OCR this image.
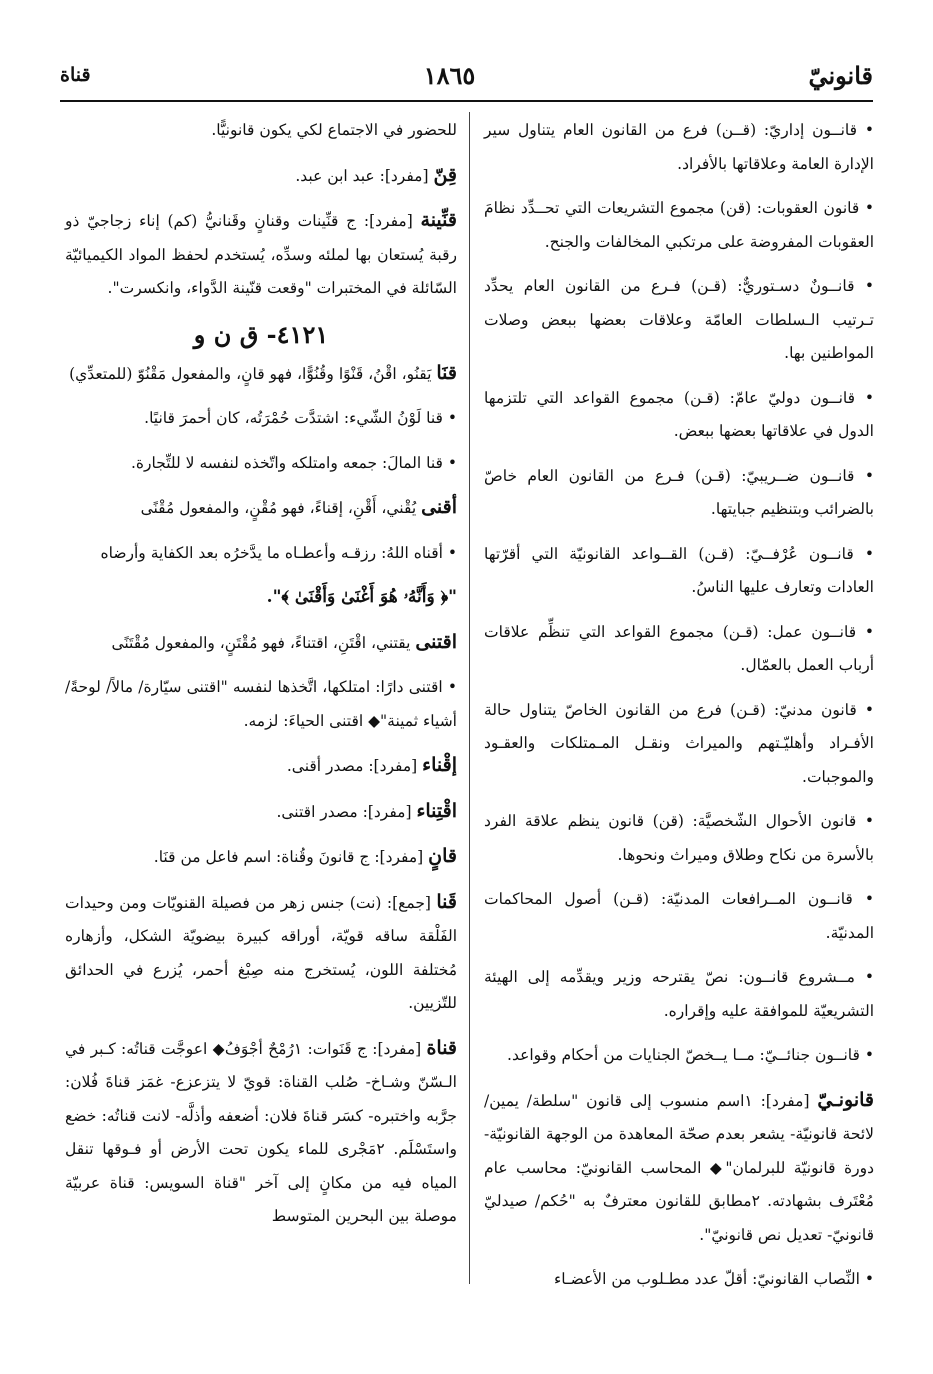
قانونيّ
١٨٦٥
قناة
• قانــون إداريّ: (قــن) فرع من القانون العام يتناول سير الإدارة العامة وعلاقاتها بالأفراد.
• قانون العقوبات: (قن) مجموع التشريعات التي تحــدِّد نظامَ العقوبات المفروضة على مرتكبي المخالفات والجنح.
• قانــونٌ دسـتوريٌّ: (قـن) فـرع من القانون العام يحدِّد تـرتيب الـسلطات العامّة وعلاقات بعضها ببعض وصلات المواطنين بها.
• قانــون دوليّ عامّ: (قـن) مجموع القواعد التي تلتزمها الدول في علاقاتها بعضها ببعض.
• قانــون ضــريبيّ: (قـن) فـرع من القانون العام خاصّ بالضرائب وبتنظيم جبايتها.
• قانــون عُرْفــيّ: (قـن) القــواعد القانونيّة التي أقرّتها العادات وتعارف عليها الناسُ.
• قانــون عمل: (قـن) مجموع القواعد التي تنظِّم علاقات أرباب العمل بالعمّال.
• قانون مدنيّ: (قـن) فرع من القانون الخاصّ يتناول حالة الأفـراد وأهليّـتهم والميراث ونقـل المـمتلكات والعقـود والموجبات.
• قانون الأحوال الشّخصيَّة: (قن) قانون ينظم علاقة الفرد بالأسرة من نكاح وطلاق وميراث ونحوها.
• قانــون المــرافعات المدنيّة: (قـن) أصول المحاكمات المدنيّة.
• مــشروع قانــون: نصّ يقترحه وزير ويقدِّمه إلى الهيئة التشريعيّة للموافقة عليه وإقراره.
• قانــون جنائــيّ: مــا يــخصّ الجنايات من أحكام وقواعد.
قانونـيّ [مفرد]: ١اسم منسوب إلى قانون "سلطة/ يمين/ لائحة قانونيّة- يشعر بعدم صحّة المعاهدة من الوجهة القانونيّة- دورة قانونيّة للبرلمان"◆ المحاسب القانونيّ: محاسب عام مُعْتَرف بشهادته. ٢مطابق للقانون معترفٌ به "حُكم/ صيدليّ قانونيّ- تعديل نص قانونيّ".
• النِّصاب القانونيّ: أقلّ عدد مطـلوب من الأعضـاء
للحضور في الاجتماع لكي يكون قانونيًّا.
قِنّ [مفرد]: عبد ابن عبد.
قنِّينة [مفرد]: ج قنِّينات وقنانٍ وقَنانيُّ (كم) إناء زجاجيّ ذو رقبة يُستعان بها لملئه وسدِّه، يُستخدم لحفظ المواد الكيميائيّة السّائلة في المختبرات "وقعت قنّينة الدَّواء، وانكسرت".
٤١٢١- ق ن و
قنَا يَقنُو، اقْنُ، قَنْوًا وقُنُوًّا، فهو قانٍ، والمفعول مَقْنُوّ (للمتعدِّي)
• قنا لَوْنُ الشّيء: اشتدَّت حُمْرَتُه، كان أحمرَ قانيًا.
• قنا المالَ: جمعه وامتلكه واتّخذه لنفسه لا للتِّجارة.
أقنى يُقْني، أَقْنِ، إقناءً، فهو مُقْنٍ، والمفعول مُقْنًى
• أقناه اللهُ: رزقـه وأعطـاه ما يدَّخرُه بعد الكفاية وأرضاه
"﴿ وَأَنَّهُۥ هُوَ أَغْنَىٰ وَأَقْنَىٰ ﴾".
اقتنى يقتني، اقْتَنِ، اقتناءً، فهو مُقْتَنٍ، والمفعول مُقْتَنًى
• اقتنى دارًا: امتلكها، اتَّخذها لنفسه "اقتنى سيّارة/ مالاً/ لوحةً/ أشياء ثمينة"◆ اقتنى الحياءَ: لزمه.
إقْناء [مفرد]: مصدر أقنى.
اقْتِناء [مفرد]: مصدر اقتنى.
قانٍ [مفرد]: ج قانونَ وقُناة: اسم فاعل من قنَا.
قَنا [جمع]: (نت) جنس زهر من فصيلة القنويّات ومن وحيدات الفَلْقة ساقه قويّة، أوراقه كبيرة بيضويّة الشكل، وأزهاره مُختلفة اللون، يُستخرج منه صِبْغ أحمر، يُزرع في الحدائق للتّزيين.
قناة [مفرد]: ج قَنَوات: ١رُمْحٌ أجْوَفُ◆ اعوجَّت قناتُه: كـبر في الـسّنّ وشـاخ- صُلب القناة: قويّ لا يتزعزع- غمَز قناةَ فُلان: جرَّبه واختبره- كسَر قناةَ فلان: أضعفه وأذلَّه- لانت قناتُه: خضع واستَسْلَم. ٢مَجْرى للماء يكون تحت الأرض أو فـوقها تنقل المياه فيه من مكانٍ إلى آخر "قناة السويس: قناة عربيّة موصلة بين البحرين المتوسط
